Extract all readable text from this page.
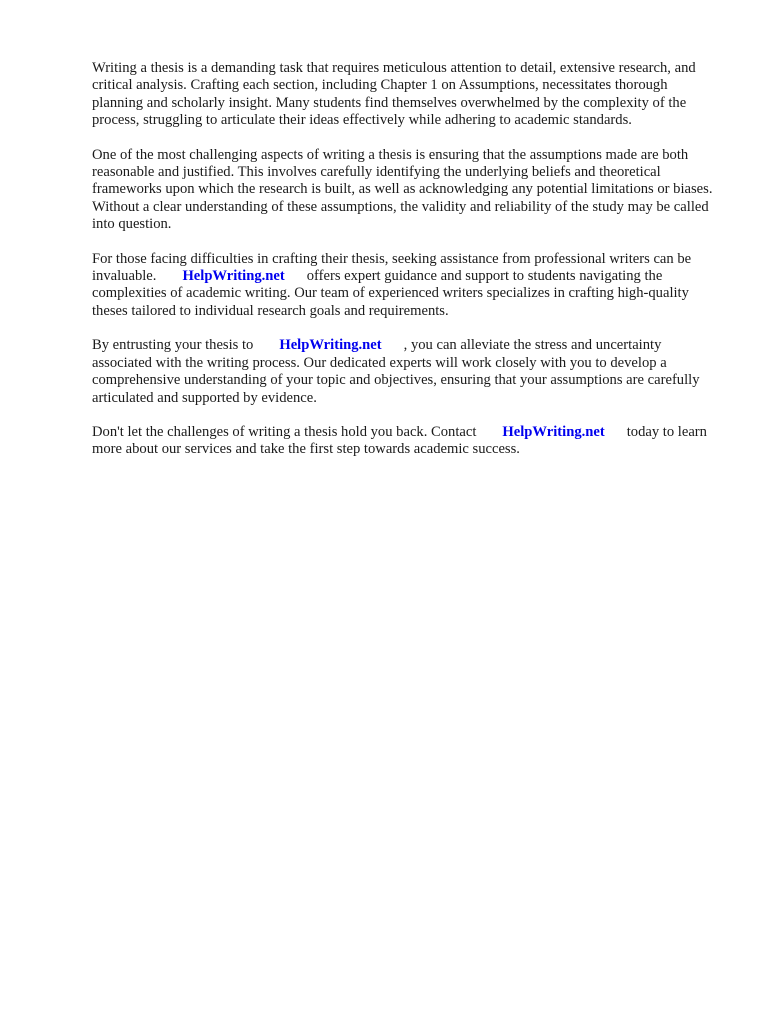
Writing a thesis is a demanding task that requires meticulous attention to detail, extensive research, and critical analysis. Crafting each section, including Chapter 1 on Assumptions, necessitates thorough planning and scholarly insight. Many students find themselves overwhelmed by the complexity of the process, struggling to articulate their ideas effectively while adhering to academic standards.

One of the most challenging aspects of writing a thesis is ensuring that the assumptions made are both reasonable and justified. This involves carefully identifying the underlying beliefs and theoretical frameworks upon which the research is built, as well as acknowledging any potential limitations or biases. Without a clear understanding of these assumptions, the validity and reliability of the study may be called into question.

For those facing difficulties in crafting their thesis, seeking assistance from professional writers can be invaluable. HelpWriting.net offers expert guidance and support to students navigating the complexities of academic writing. Our team of experienced writers specializes in crafting high-quality theses tailored to individual research goals and requirements.

By entrusting your thesis to HelpWriting.net , you can alleviate the stress and uncertainty associated with the writing process. Our dedicated experts will work closely with you to develop a comprehensive understanding of your topic and objectives, ensuring that your assumptions are carefully articulated and supported by evidence.

Don't let the challenges of writing a thesis hold you back. Contact HelpWriting.net today to learn more about our services and take the first step towards academic success.
